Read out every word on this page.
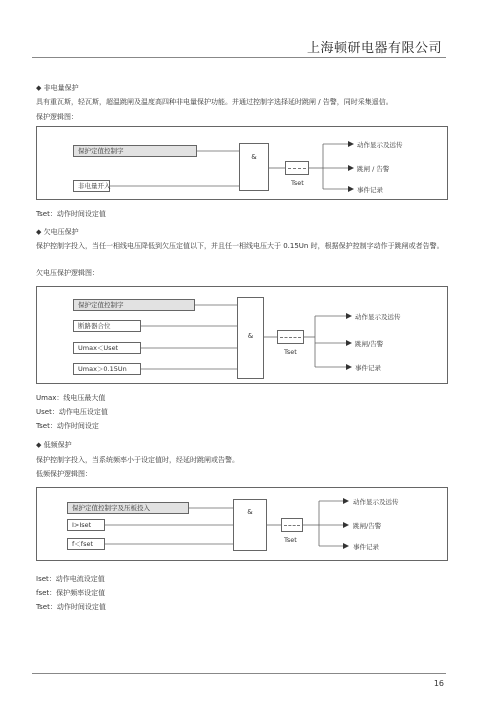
上海顿研电器有限公司
◆ 非电量保护
具有重瓦斯，轻瓦斯，超温跳闸及温度高四种非电量保护功能。并通过控制字选择延时跳闸 / 告警，同时采集遥信。
保护逻辑图：
保护定值控制字
非电量开入
&
Tset
动作显示及远传
跳闸 / 告警
事件记录
Tset：动作时间设定值
◆ 欠电压保护
保护控制字投入，当任一相线电压降低到欠压定值以下，并且任一相线电压大于 0.15Un 时，根据保护控制字动作于跳闸或者告警。
欠电压保护逻辑图：
保护定值控制字
断路器合位
Umax＜Uset
Umax＞0.15Un
&
Tset
动作显示及远传
跳闸/告警
事件记录
Umax：线电压最大值
Uset：动作电压设定值
Tset：动作时间设定
◆ 低频保护
保护控制字投入，当系统频率小于设定值时，经延时跳闸或告警。
低频保护逻辑图：
保护定值控制字及压板投入
I>Iset
f＜fset
&
Tset
动作显示及远传
跳闸/告警
事件记录
Iset：动作电流设定值
fset：保护频率设定值
Tset：动作时间设定值
16
